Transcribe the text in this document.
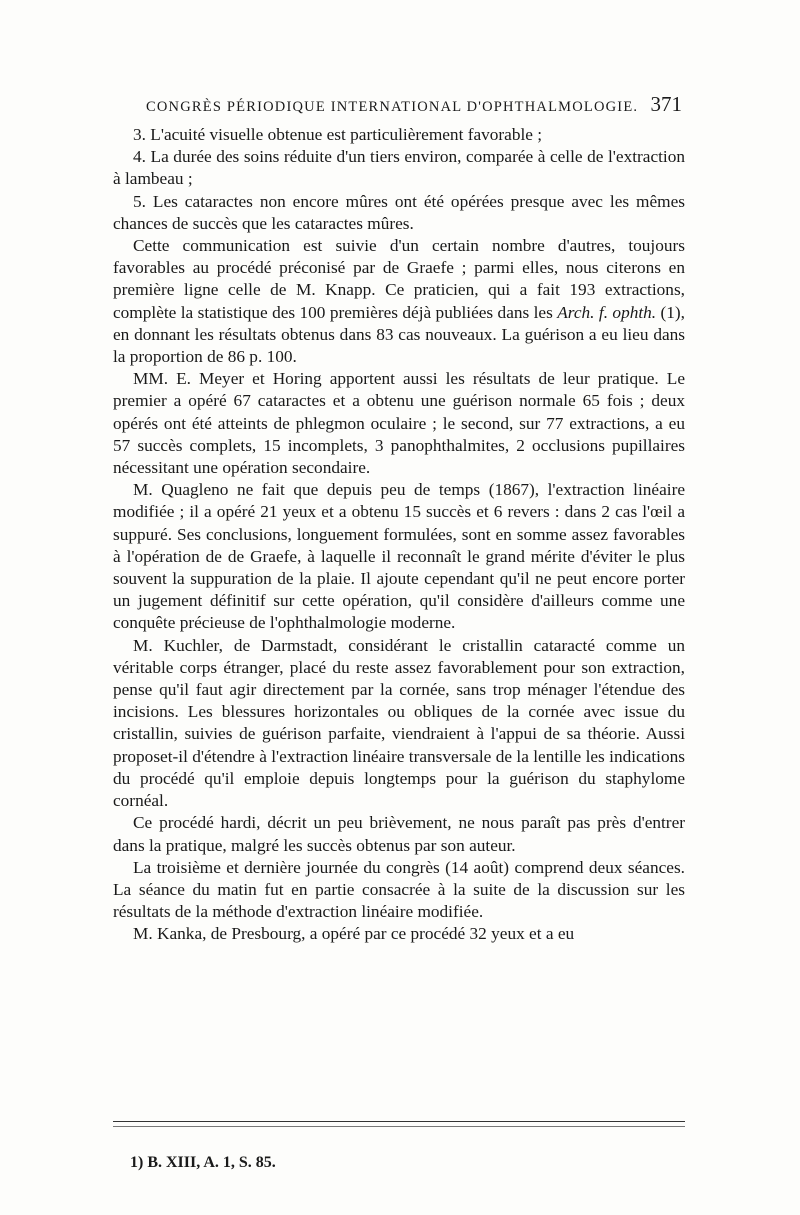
CONGRÈS PÉRIODIQUE INTERNATIONAL D'OPHTHALMOLOGIE. 371

3. L'acuité visuelle obtenue est particulièrement favorable ;

4. La durée des soins réduite d'un tiers environ, comparée à celle de l'extraction à lambeau ;

5. Les cataractes non encore mûres ont été opérées presque avec les mêmes chances de succès que les cataractes mûres.

Cette communication est suivie d'un certain nombre d'autres, toujours favorables au procédé préconisé par de Graefe ; parmi elles, nous citerons en première ligne celle de M. Knapp. Ce praticien, qui a fait 193 extractions, complète la statistique des 100 premières déjà publiées dans les Arch. f. ophth. (1), en donnant les résultats obtenus dans 83 cas nouveaux. La guérison a eu lieu dans la proportion de 86 p. 100.

MM. E. Meyer et Horing apportent aussi les résultats de leur pratique. Le premier a opéré 67 cataractes et a obtenu une guérison normale 65 fois ; deux opérés ont été atteints de phlegmon oculaire ; le second, sur 77 extractions, a eu 57 succès complets, 15 incomplets, 3 panophthalmites, 2 occlusions pupillaires nécessitant une opération secondaire.

M. Quagleno ne fait que depuis peu de temps (1867), l'extraction linéaire modifiée ; il a opéré 21 yeux et a obtenu 15 succès et 6 revers : dans 2 cas l'œil a suppuré. Ses conclusions, longuement formulées, sont en somme assez favorables à l'opération de de Graefe, à laquelle il reconnaît le grand mérite d'éviter le plus souvent la suppuration de la plaie. Il ajoute cependant qu'il ne peut encore porter un jugement définitif sur cette opération, qu'il considère d'ailleurs comme une conquête précieuse de l'ophthalmologie moderne.

M. Kuchler, de Darmstadt, considérant le cristallin cataracté comme un véritable corps étranger, placé du reste assez favorablement pour son extraction, pense qu'il faut agir directement par la cornée, sans trop ménager l'étendue des incisions. Les blessures horizontales ou obliques de la cornée avec issue du cristallin, suivies de guérison parfaite, viendraient à l'appui de sa théorie. Aussi proposet-il d'étendre à l'extraction linéaire transversale de la lentille les indications du procédé qu'il emploie depuis longtemps pour la guérison du staphylome cornéal.

Ce procédé hardi, décrit un peu brièvement, ne nous paraît pas près d'entrer dans la pratique, malgré les succès obtenus par son auteur.

La troisième et dernière journée du congrès (14 août) comprend deux séances. La séance du matin fut en partie consacrée à la suite de la discussion sur les résultats de la méthode d'extraction linéaire modifiée.

M. Kanka, de Presbourg, a opéré par ce procédé 32 yeux et a eu

1) B. XIII, A. 1, S. 85.
